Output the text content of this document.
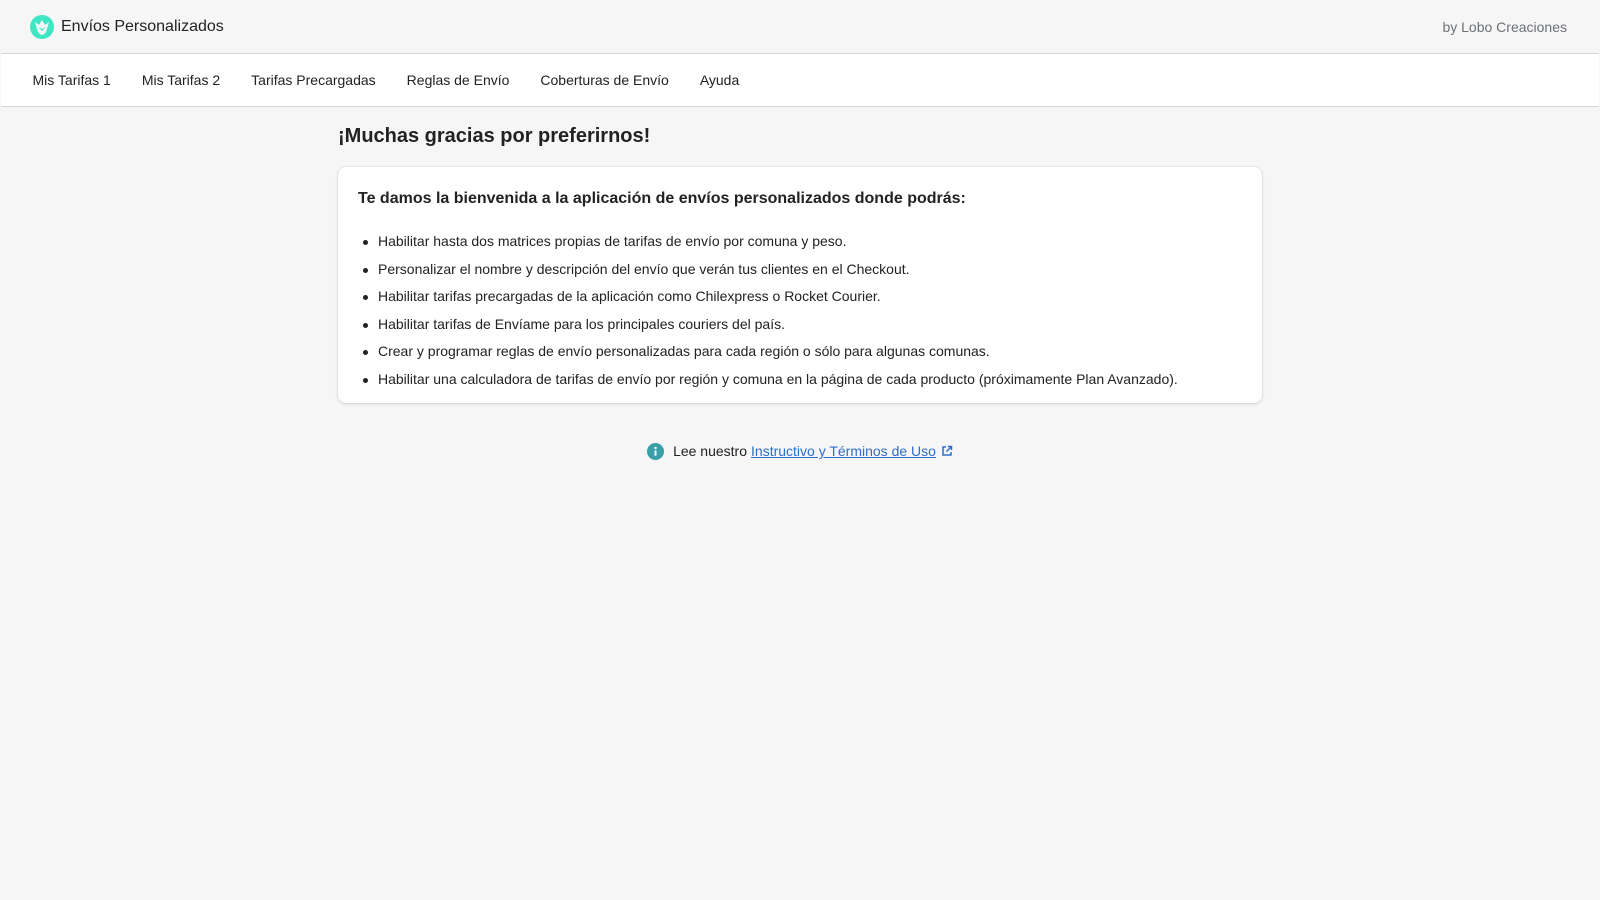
Envíos Personalizados	by Lobo Creaciones
Mis Tarifas 1	Mis Tarifas 2	Tarifas Precargadas	Reglas de Envío	Coberturas de Envío	Ayuda
¡Muchas gracias por preferirnos!
Te damos la bienvenida a la aplicación de envíos personalizados donde podrás:
Habilitar hasta dos matrices propias de tarifas de envío por comuna y peso.
Personalizar el nombre y descripción del envío que verán tus clientes en el Checkout.
Habilitar tarifas precargadas de la aplicación como Chilexpress o Rocket Courier.
Habilitar tarifas de Envíame para los principales couriers del país.
Crear y programar reglas de envío personalizadas para cada región o sólo para algunas comunas.
Habilitar una calculadora de tarifas de envío por región y comuna en la página de cada producto (próximamente Plan Avanzado).
Lee nuestro Instructivo y Términos de Uso
